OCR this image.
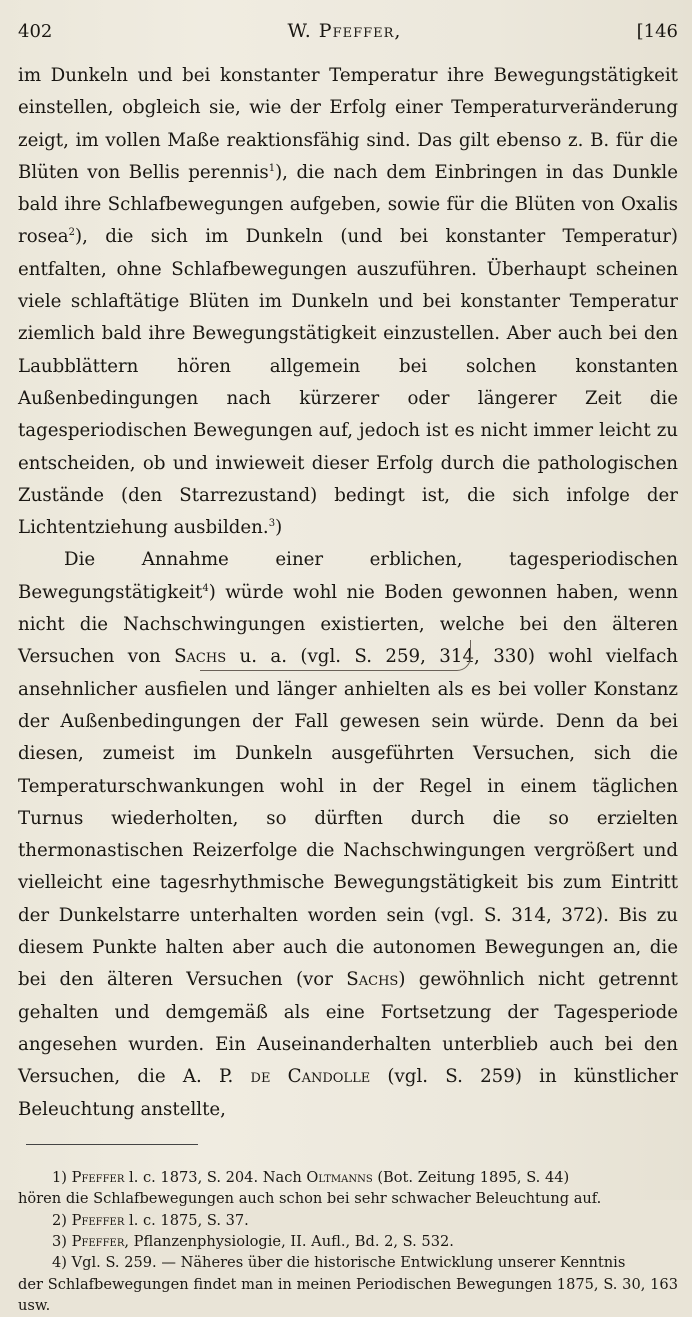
402	W. Pfeffer,	[146

im Dunkeln und bei konstanter Temperatur ihre Bewegungstätigkeit einstellen, obgleich sie, wie der Erfolg einer Temperaturveränderung zeigt, im vollen Maße reaktionsfähig sind. Das gilt ebenso z. B. für die Blüten von Bellis perennis$^1$), die nach dem Einbringen in das Dunkle bald ihre Schlafbewegungen aufgeben, sowie für die Blüten von Oxalis rosea$^2$), die sich im Dunkeln (und bei konstanter Temperatur) entfalten, ohne Schlafbewegungen auszuführen. Überhaupt scheinen viele schlaftätige Blüten im Dunkeln und bei konstanter Temperatur ziemlich bald ihre Bewegungstätigkeit einzustellen. Aber auch bei den Laubblättern hören allgemein bei solchen konstanten Außenbedingungen nach kürzerer oder längerer Zeit die tagesperiodischen Bewegungen auf, jedoch ist es nicht immer leicht zu entscheiden, ob und inwieweit dieser Erfolg durch die pathologischen Zustände (den Starrezustand) bedingt ist, die sich infolge der Lichtentziehung ausbilden.$^3$)

Die Annahme einer erblichen, tagesperiodischen Bewegungstätigkeit$^4$) würde wohl nie Boden gewonnen haben, wenn nicht die Nachschwingungen existierten, welche bei den älteren Versuchen von Sachs u. a. (vgl. S. 259, 314, 330) wohl vielfach ansehnlicher ausfielen und länger anhielten als es bei voller Konstanz der Außenbedingungen der Fall gewesen sein würde. Denn da bei diesen, zumeist im Dunkeln ausgeführten Versuchen, sich die Temperaturschwankungen wohl in der Regel in einem täglichen Turnus wiederholten, so dürften durch die so erzielten thermonastischen Reizerfolge die Nachschwingungen vergrößert und vielleicht eine tagesrhythmische Bewegungstätigkeit bis zum Eintritt der Dunkelstarre unterhalten worden sein (vgl. S. 314, 372). Bis zu diesem Punkte halten aber auch die autonomen Bewegungen an, die bei den älteren Versuchen (vor Sachs) gewöhnlich nicht getrennt gehalten und demgemäß als eine Fortsetzung der Tagesperiode angesehen wurden. Ein Auseinanderhalten unterblieb auch bei den Versuchen, die A. P. de Candolle (vgl. S. 259) in künstlicher Beleuchtung anstellte,

1) Pfeffer l. c. 1873, S. 204. Nach Oltmanns (Bot. Zeitung 1895, S. 44)

hören die Schlafbewegungen auch schon bei sehr schwacher Beleuchtung auf.

2) Pfeffer l. c. 1875, S. 37.

3) Pfeffer, Pflanzenphysiologie, II. Aufl., Bd. 2, S. 532.

4) Vgl. S. 259. — Näheres über die historische Entwicklung unserer Kenntnis

der Schlafbewegungen findet man in meinen Periodischen Bewegungen 1875, S. 30, 163 usw.
